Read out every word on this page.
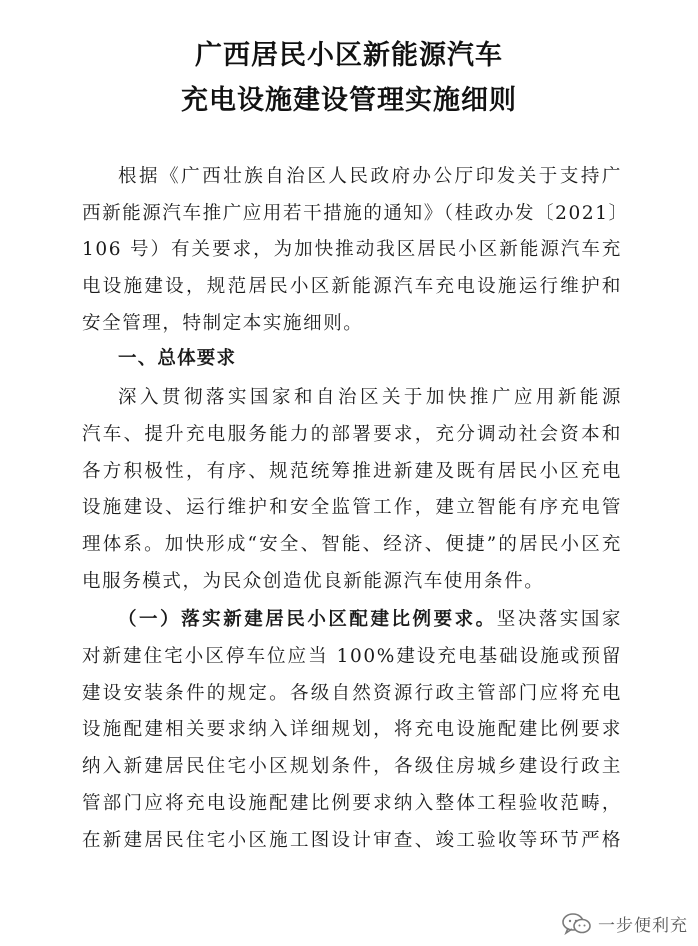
广西居民小区新能源汽车
充电设施建设管理实施细则
根据《广西壮族自治区人民政府办公厅印发关于支持广
西新能源汽车推广应用若干措施的通知》（桂政办发〔2021〕
106 号）有关要求，为加快推动我区居民小区新能源汽车充
电设施建设，规范居民小区新能源汽车充电设施运行维护和
安全管理，特制定本实施细则。
一、总体要求
深入贯彻落实国家和自治区关于加快推广应用新能源
汽车、提升充电服务能力的部署要求，充分调动社会资本和
各方积极性，有序、规范统筹推进新建及既有居民小区充电
设施建设、运行维护和安全监管工作，建立智能有序充电管
理体系。加快形成“安全、智能、经济、便捷”的居民小区充
电服务模式，为民众创造优良新能源汽车使用条件。
（一）落实新建居民小区配建比例要求。坚决落实国家
对新建住宅小区停车位应当 100%建设充电基础设施或预留
建设安装条件的规定。各级自然资源行政主管部门应将充电
设施配建相关要求纳入详细规划，将充电设施配建比例要求
纳入新建居民住宅小区规划条件，各级住房城乡建设行政主
管部门应将充电设施配建比例要求纳入整体工程验收范畴，
在新建居民住宅小区施工图设计审查、竣工验收等环节严格
一步便利充
